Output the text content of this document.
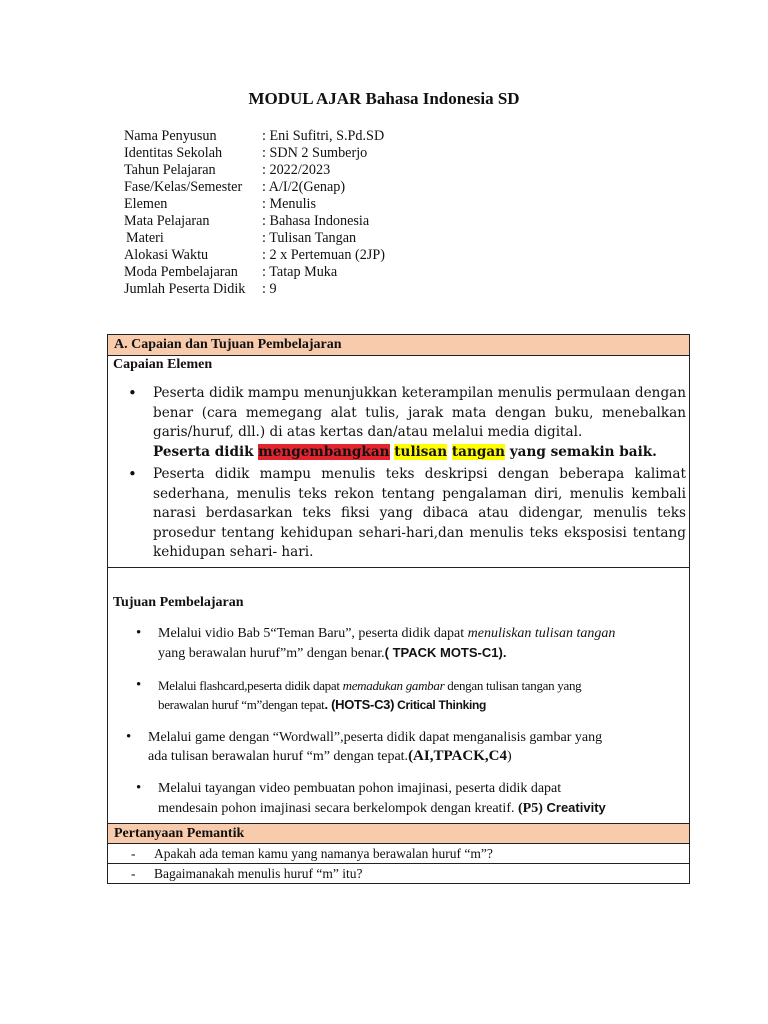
MODUL AJAR Bahasa Indonesia SD
Nama Penyusun	: Eni Sufitri, S.Pd.SD
Identitas Sekolah	: SDN 2 Sumberjo
Tahun Pelajaran	: 2022/2023
Fase/Kelas/Semester : A/I/2(Genap)
Elemen	: Menulis
Mata Pelajaran	: Bahasa Indonesia
Materi	: Tulisan Tangan
Alokasi Waktu	: 2 x Pertemuan (2JP)
Moda Pembelajaran : Tatap Muka
Jumlah Peserta Didik : 9
A. Capaian dan Tujuan Pembelajaran
Capaian Elemen
• Peserta didik mampu menunjukkan keterampilan menulis permulaan dengan benar (cara memegang alat tulis, jarak mata dengan buku, menebalkan garis/huruf, dll.) di atas kertas dan/atau melalui media digital.
Peserta didik mengembangkan tulisan tangan yang semakin baik.
• Peserta didik mampu menulis teks deskripsi dengan beberapa kalimat sederhana, menulis teks rekon tentang pengalaman diri, menulis kembali narasi berdasarkan teks fiksi yang dibaca atau didengar, menulis teks prosedur tentang kehidupan sehari-hari,dan menulis teks eksposisi tentang kehidupan sehari- hari.
Tujuan Pembelajaran
• Melalui vidio Bab 5“Teman Baru”, peserta didik dapat menuliskan tulisan tangan
yang berawalan huruf”m” dengan benar.( TPACK MOTS-C1).
• Melalui flashcard,peserta didik dapat memadukan gambar dengan tulisan tangan yang
berawalan huruf “m”dengan tepat. (HOTS-C3) Critical Thinking
• Melalui game dengan “Wordwall”,peserta didik dapat menganalisis gambar yang
ada tulisan berawalan huruf “m” dengan tepat.(AI,TPACK,C4)
• Melalui tayangan video pembuatan pohon imajinasi, peserta didik dapat
mendesain pohon imajinasi secara berkelompok dengan kreatif. (P5) Creativity
Pertanyaan Pemantik
- Apakah ada teman kamu yang namanya berawalan huruf “m”?
- Bagaimanakah menulis huruf “m” itu?
